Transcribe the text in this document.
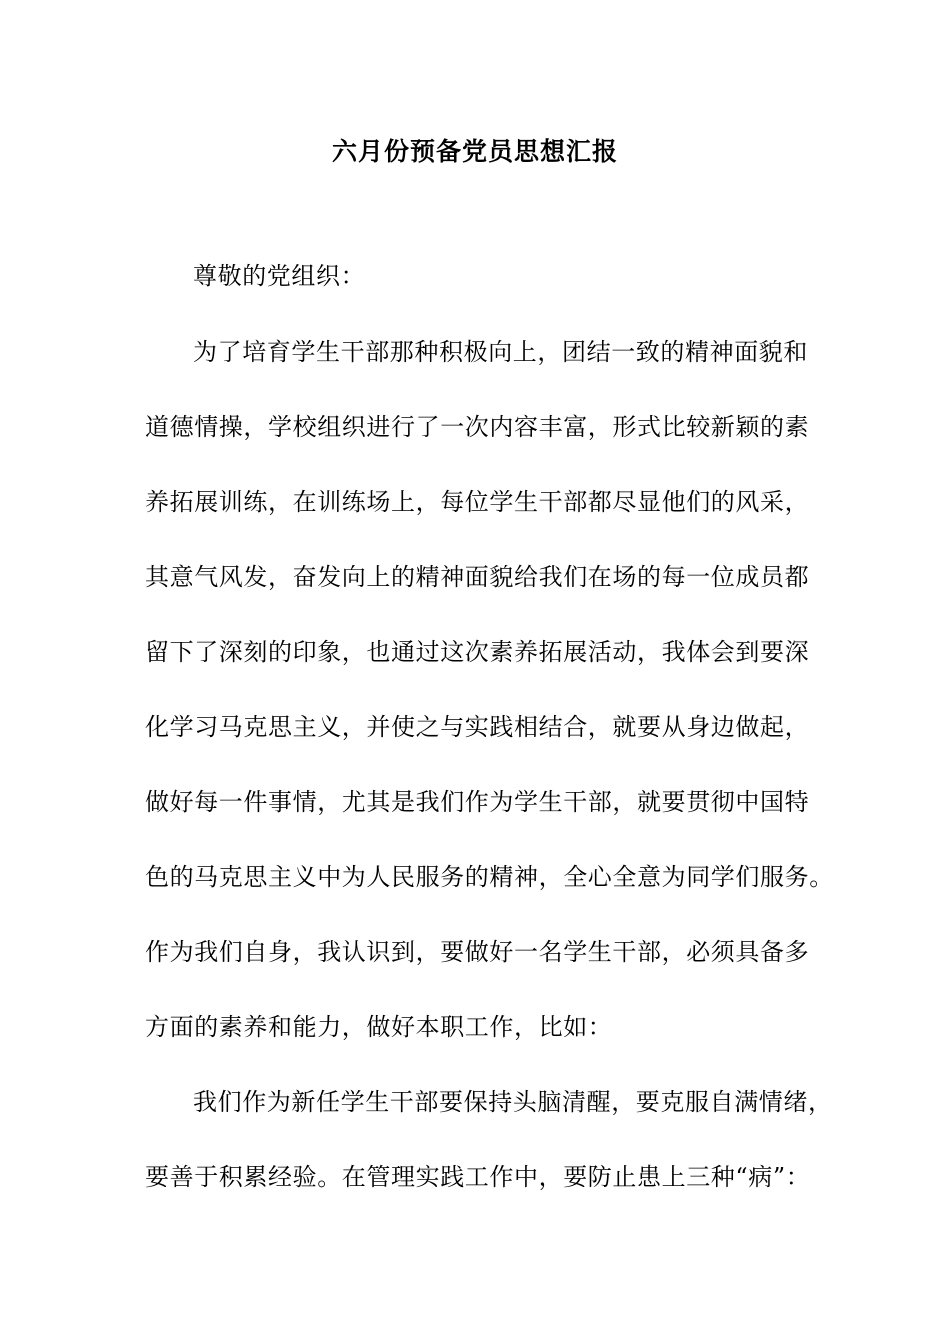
六月份预备党员思想汇报
尊敬的党组织：
为了培育学生干部那种积极向上，团结一致的精神面貌和
道德情操，学校组织进行了一次内容丰富，形式比较新颖的素
养拓展训练，在训练场上，每位学生干部都尽显他们的风采，
其意气风发，奋发向上的精神面貌给我们在场的每一位成员都
留下了深刻的印象，也通过这次素养拓展活动，我体会到要深
化学习马克思主义，并使之与实践相结合，就要从身边做起，
做好每一件事情，尤其是我们作为学生干部，就要贯彻中国特
色的马克思主义中为人民服务的精神，全心全意为同学们服务。
作为我们自身，我认识到，要做好一名学生干部，必须具备多
方面的素养和能力，做好本职工作，比如：
我们作为新任学生干部要保持头脑清醒，要克服自满情绪，
要善于积累经验。在管理实践工作中，要防止患上三种“病”：
